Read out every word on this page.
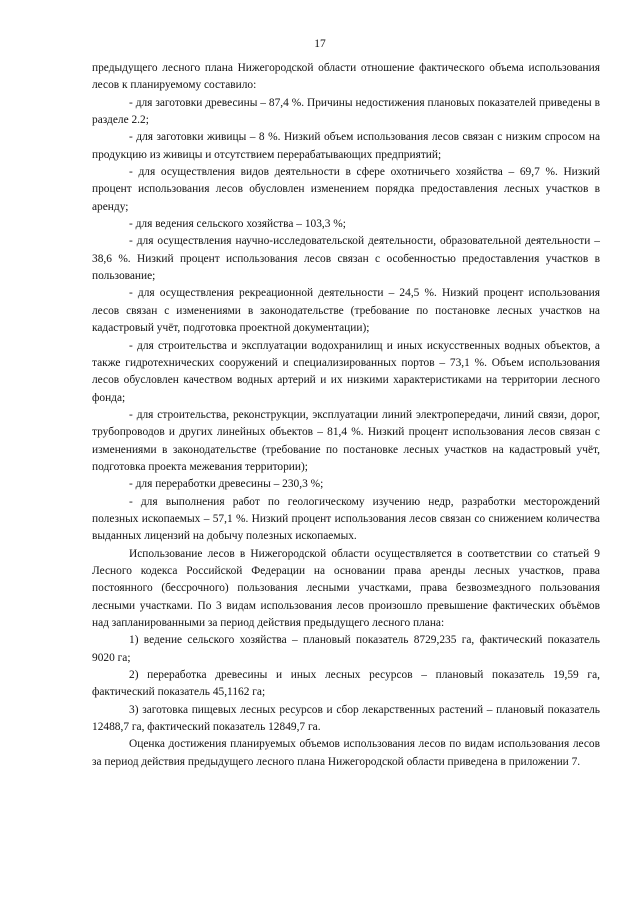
17

предыдущего лесного плана Нижегородской области отношение фактического объема использования лесов к планируемому составило:

- для заготовки древесины – 87,4 %. Причины недостижения плановых показателей приведены в разделе 2.2;

- для заготовки живицы – 8 %. Низкий объем использования лесов связан с низким спросом на продукцию из живицы и отсутствием перерабатывающих предприятий;

- для осуществления видов деятельности в сфере охотничьего хозяйства – 69,7 %. Низкий процент использования лесов обусловлен изменением порядка предоставления лесных участков в аренду;

- для ведения сельского хозяйства – 103,3 %;

- для осуществления научно-исследовательской деятельности, образовательной деятельности – 38,6 %. Низкий процент использования лесов связан с особенностью предоставления участков в пользование;

- для осуществления рекреационной деятельности – 24,5 %. Низкий процент использования лесов связан с изменениями в законодательстве (требование по постановке лесных участков на кадастровый учёт, подготовка проектной документации);

- для строительства и эксплуатации водохранилищ и иных искусственных водных объектов, а также гидротехнических сооружений и специализированных портов – 73,1 %. Объем использования лесов обусловлен качеством водных артерий и их низкими характеристиками на территории лесного фонда;

- для строительства, реконструкции, эксплуатации линий электропередачи, линий связи, дорог, трубопроводов и других линейных объектов – 81,4 %. Низкий процент использования лесов связан с изменениями в законодательстве (требование по постановке лесных участков на кадастровый учёт, подготовка проекта межевания территории);

- для переработки древесины – 230,3 %;

- для выполнения работ по геологическому изучению недр, разработки месторождений полезных ископаемых – 57,1 %. Низкий процент использования лесов связан со снижением количества выданных лицензий на добычу полезных ископаемых.

Использование лесов в Нижегородской области осуществляется в соответствии со статьей 9 Лесного кодекса Российской Федерации на основании права аренды лесных участков, права постоянного (бессрочного) пользования лесными участками, права безвозмездного пользования лесными участками. По 3 видам использования лесов произошло превышение фактических объёмов над запланированными за период действия предыдущего лесного плана:

1) ведение сельского хозяйства – плановый показатель 8729,235 га, фактический показатель 9020 га;

2) переработка древесины и иных лесных ресурсов – плановый показатель 19,59 га, фактический показатель 45,1162 га;

3) заготовка пищевых лесных ресурсов и сбор лекарственных растений – плановый показатель 12488,7 га, фактический показатель 12849,7 га.

Оценка достижения планируемых объемов использования лесов по видам использования лесов за период действия предыдущего лесного плана Нижегородской области приведена в приложении 7.
